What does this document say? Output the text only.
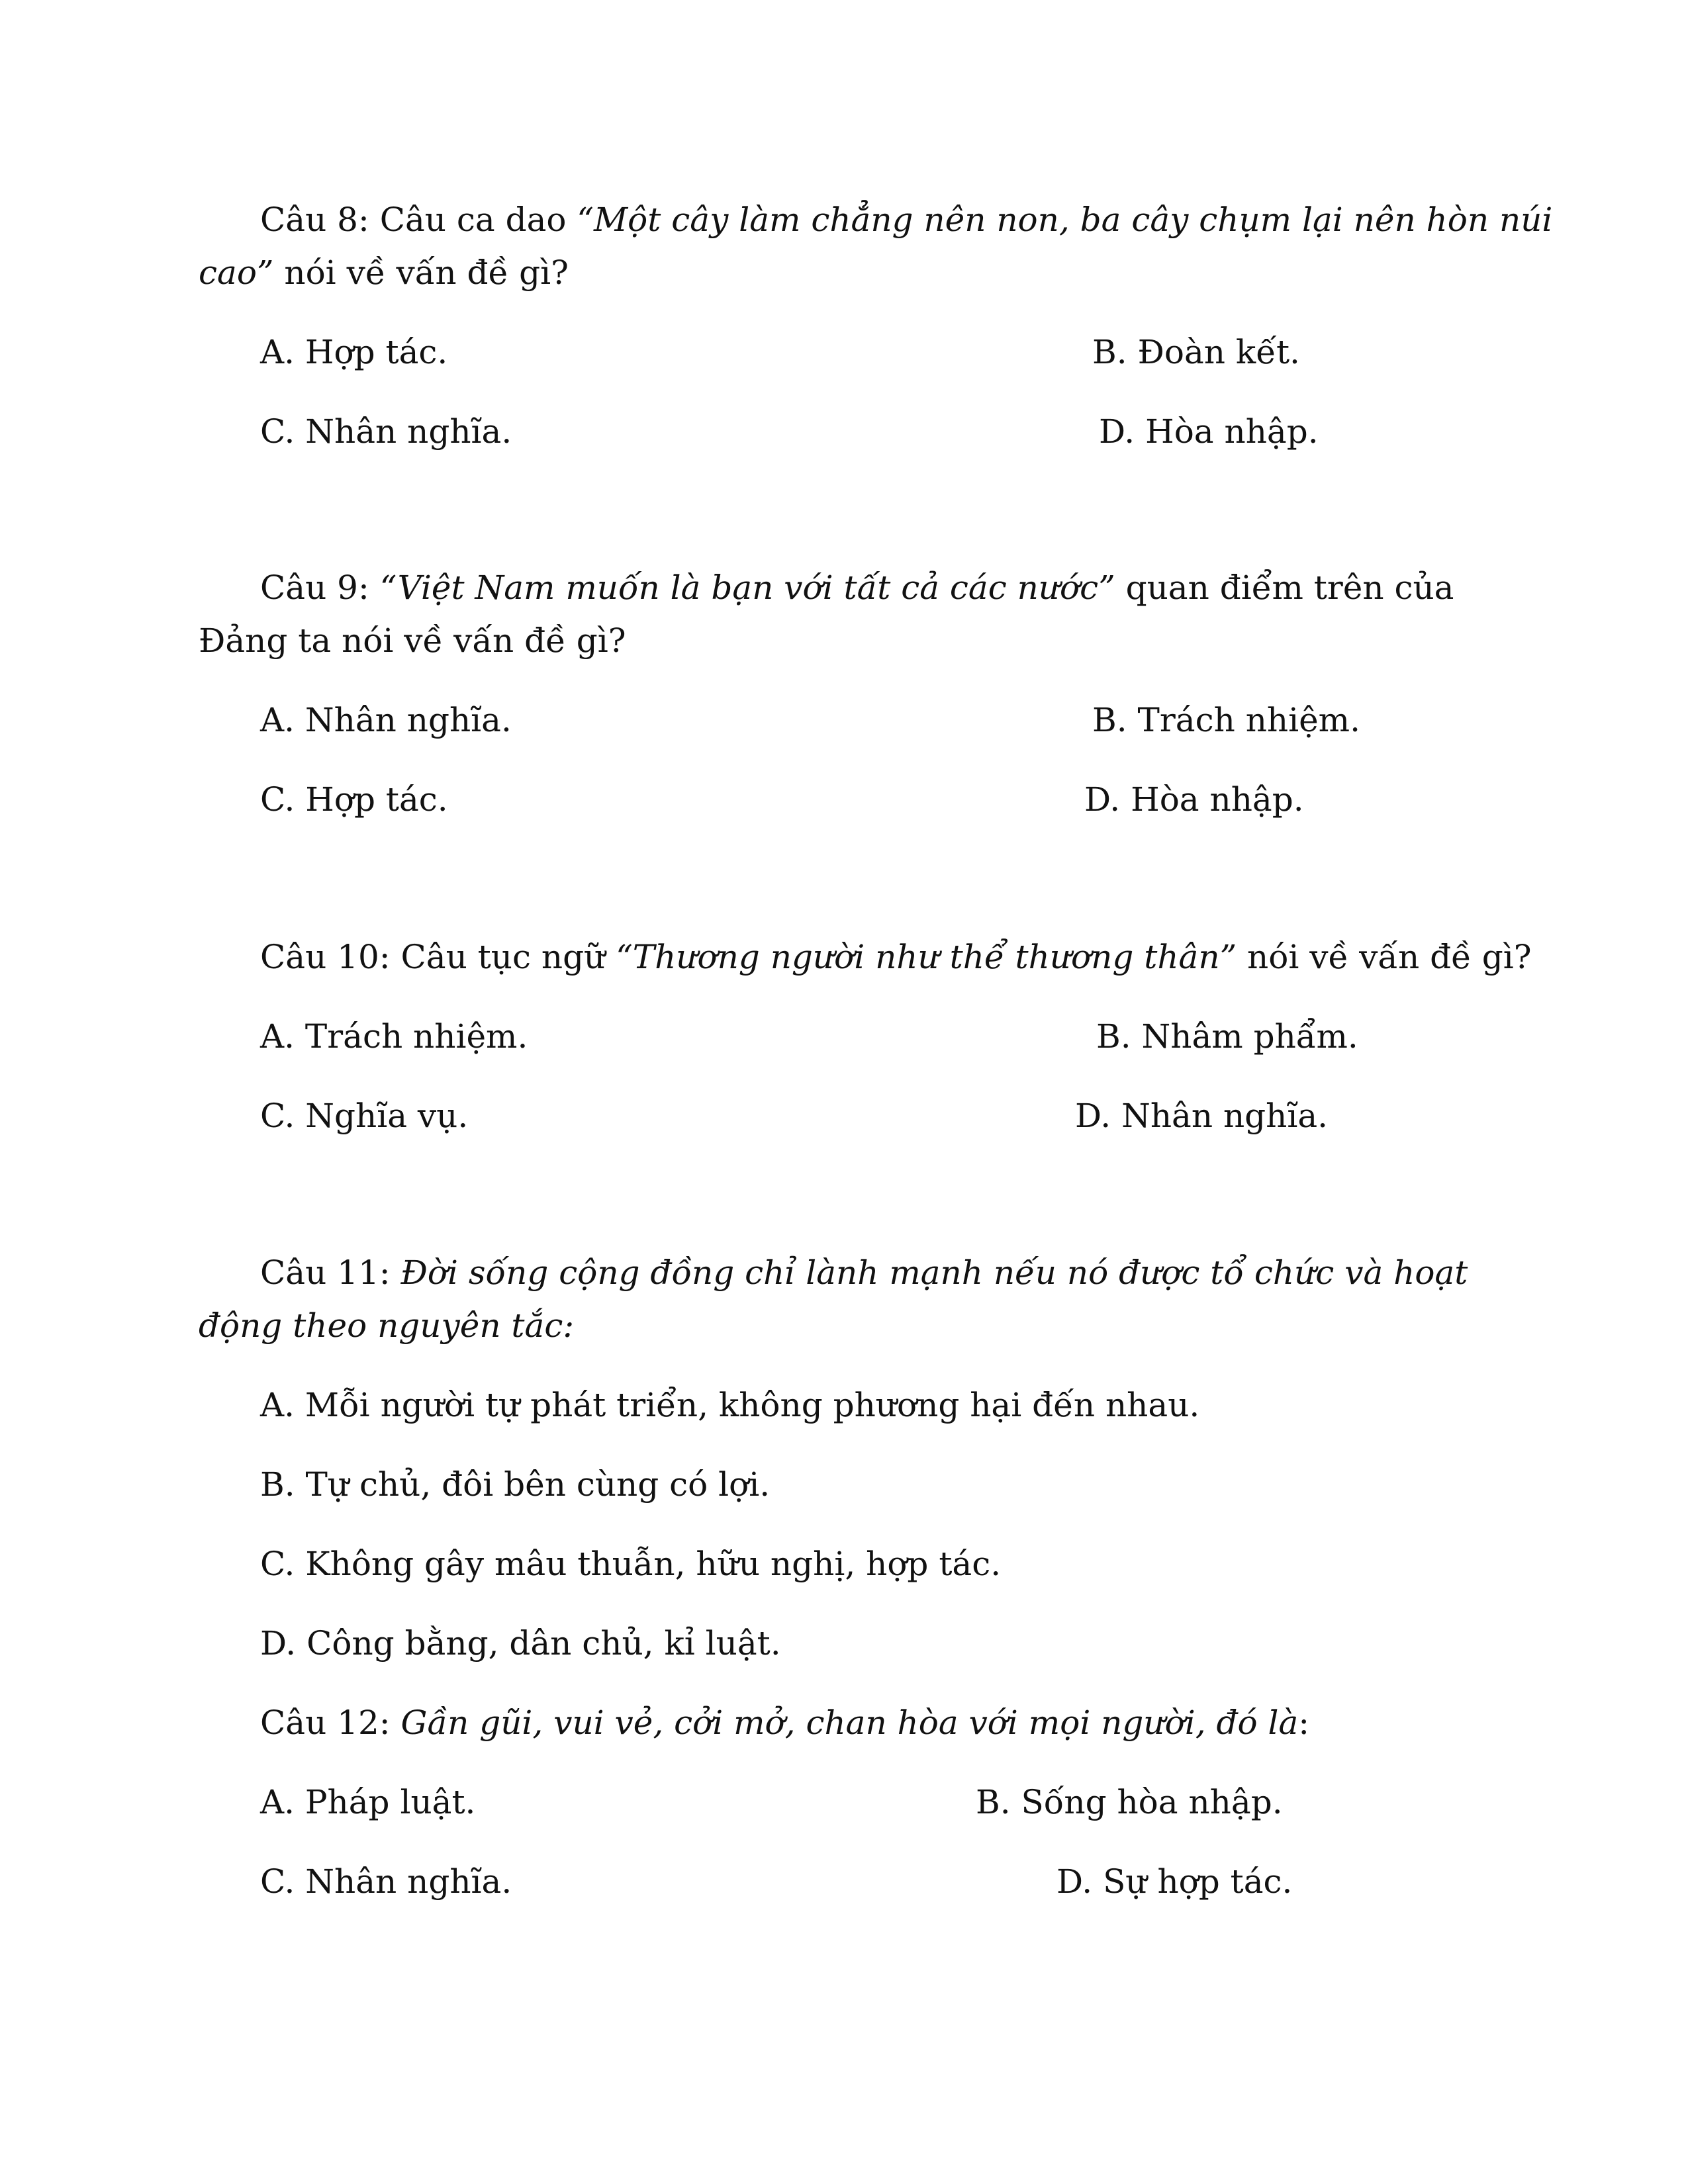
Câu 8: Câu ca dao “Một cây làm chẳng nên non, ba cây chụm lại nên hòn núi
cao” nói về vấn đề gì?
A. Hợp tác.	B. Đoàn kết.
C. Nhân nghĩa.	D. Hòa nhập.
Câu 9: “Việt Nam muốn là bạn với tất cả các nước” quan điểm trên của
Đảng ta nói về vấn đề gì?
A. Nhân nghĩa.	B. Trách nhiệm.
C. Hợp tác.	D. Hòa nhập.
Câu 10: Câu tục ngữ “Thương người như thể thương thân” nói về vấn đề gì?
A. Trách nhiệm.	B. Nhâm phẩm.
C. Nghĩa vụ.	D. Nhân nghĩa.
Câu 11: Đời sống cộng đồng chỉ lành mạnh nếu nó được tổ chức và hoạt
động theo nguyên tắc:
A. Mỗi người tự phát triển, không phương hại đến nhau.
B. Tự chủ, đôi bên cùng có lợi.
C. Không gây mâu thuẫn, hữu nghị, hợp tác.
D. Công bằng, dân chủ, kỉ luật.
Câu 12: Gần gũi, vui vẻ, cởi mở, chan hòa với mọi người, đó là:
A. Pháp luật.	B. Sống hòa nhập.
C. Nhân nghĩa.	D. Sự hợp tác.
